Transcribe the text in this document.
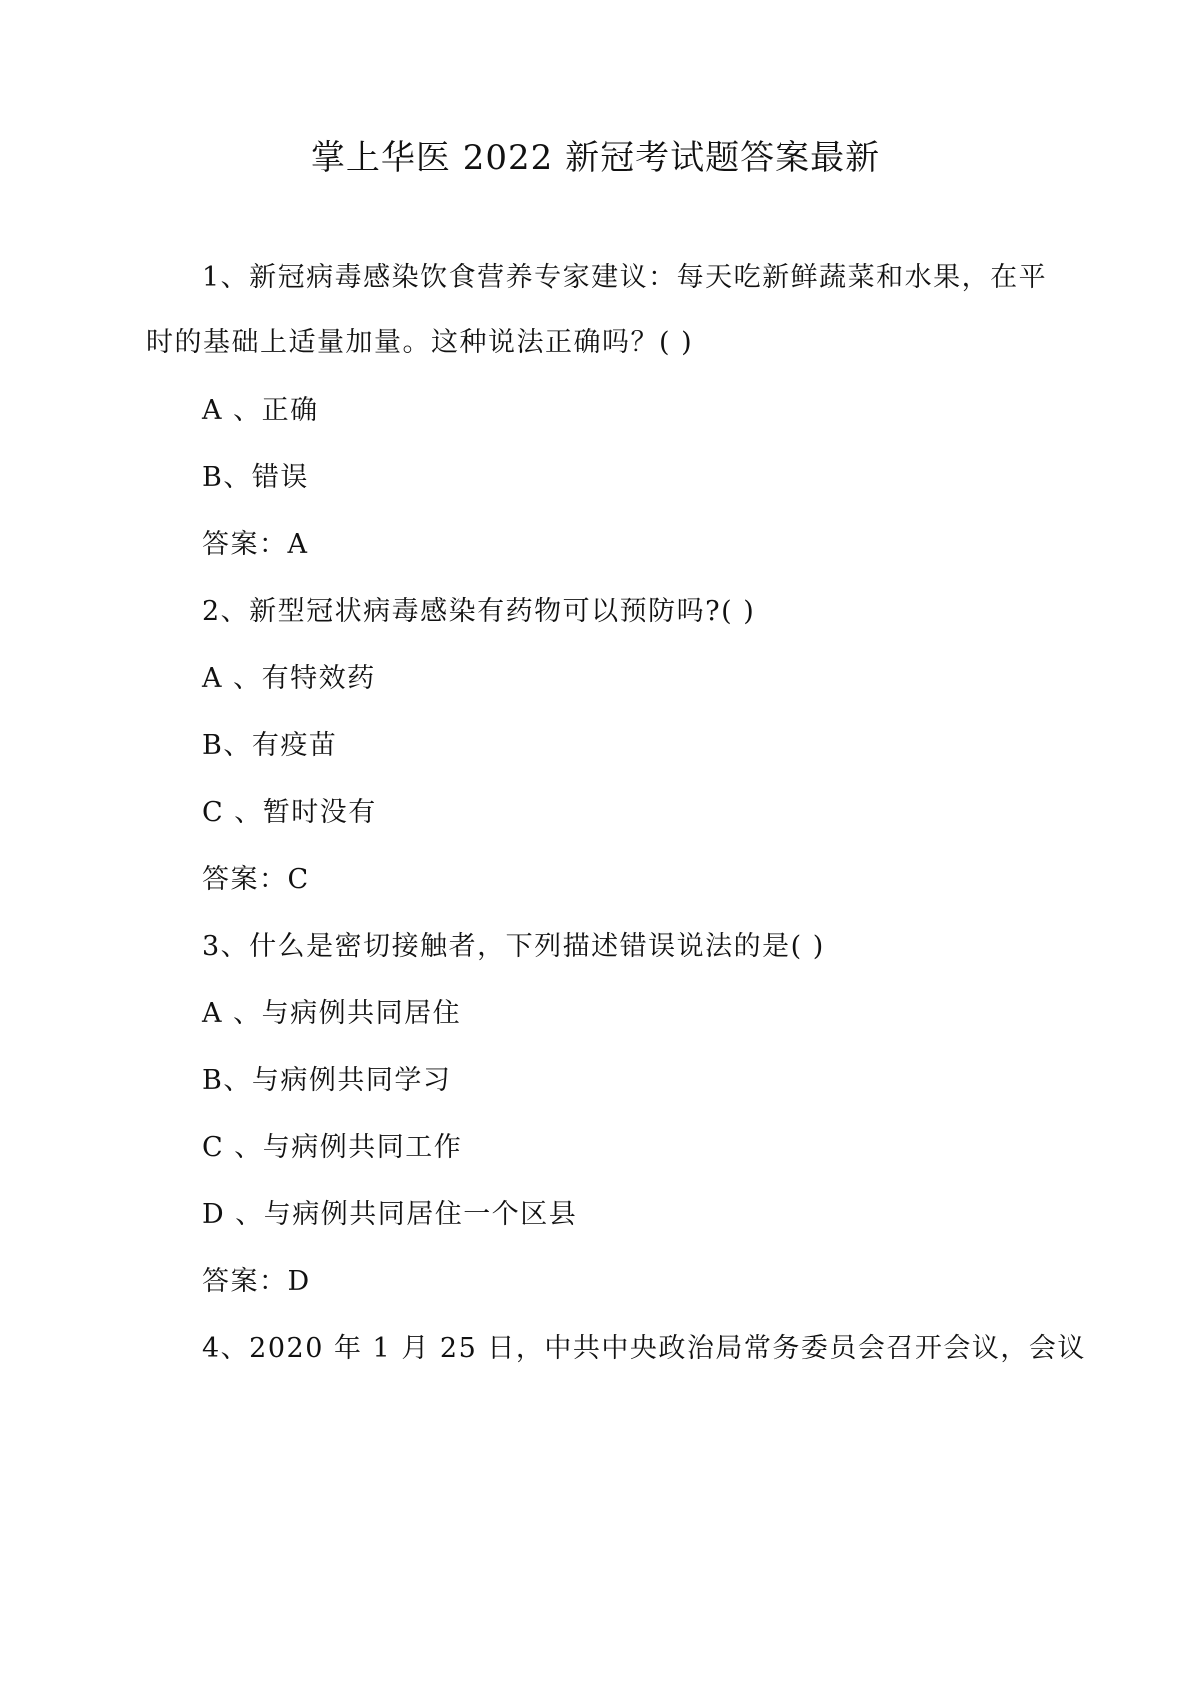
掌上华医 2022 新冠考试题答案最新
1、新冠病毒感染饮食营养专家建议：每天吃新鲜蔬菜和水果，在平
时的基础上适量加量。这种说法正确吗？( )
A 、正确
B、错误
答案：A
2、新型冠状病毒感染有药物可以预防吗?( )
A 、有特效药
B、有疫苗
C 、暂时没有
答案：C
3、什么是密切接触者，下列描述错误说法的是( )
A 、与病例共同居住
B、与病例共同学习
C 、与病例共同工作
D 、与病例共同居住一个区县
答案：D
4、2020 年 1 月 25 日，中共中央政治局常务委员会召开会议，会议
